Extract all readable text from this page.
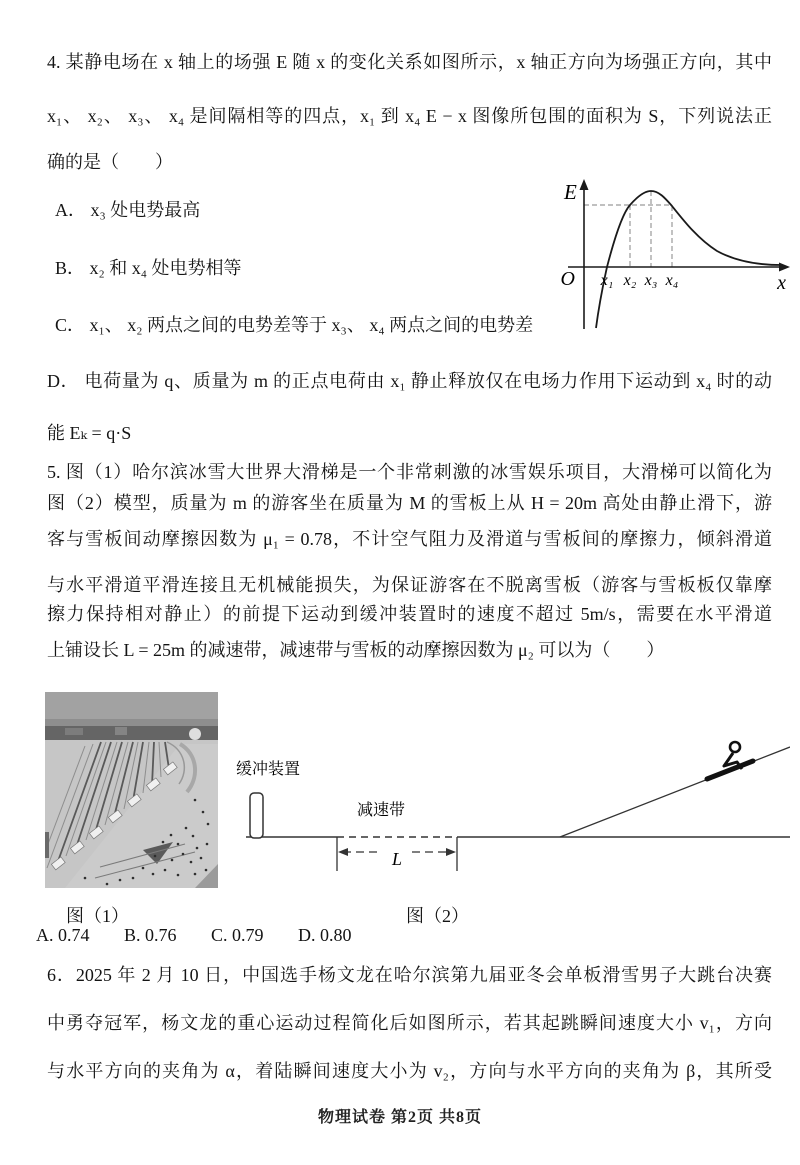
4. 某静电场在 x 轴上的场强 E 随 x 的变化关系如图所示，x 轴正方向为场强正方向，其中
x₁、 x₂、 x₃、 x₄ 是间隔相等的四点，x₁ 到 x₄ E − x 图像所包围的面积为 S，下列说法正
确的是（　　）
A． x₃ 处电势最高
B． x₂ 和 x₄ 处电势相等
C． x₁、 x₂ 两点之间的电势差等于 x₃、 x₄ 两点之间的电势差
D． 电荷量为 q、质量为 m 的正点电荷由 x₁ 静止释放仅在电场力作用下运动到 x₄ 时的动
能 Eₖ = q·S
E
O	x
x₁ x₂ x₃ x₄
5. 图（1）哈尔滨冰雪大世界大滑梯是一个非常刺激的冰雪娱乐项目，大滑梯可以简化为
图（2）模型，质量为 m 的游客坐在质量为 M 的雪板上从 H = 20m 高处由静止滑下，游
客与雪板间动摩擦因数为 μ₁ = 0.78，不计空气阻力及滑道与雪板间的摩擦力，倾斜滑道
与水平滑道平滑连接且无机械能损失，为保证游客在不脱离雪板（游客与雪板板仅靠摩
擦力保持相对静止）的前提下运动到缓冲装置时的速度不超过 5m/s，需要在水平滑道
上铺设长 L = 25m 的减速带，减速带与雪板的动摩擦因数为 μ₂ 可以为（　　）
缓冲装置
减速带
L
图（1）	图（2）
A. 0.74 B. 0.76 C. 0.79 D. 0.80
6．2025 年 2 月 10 日，中国选手杨文龙在哈尔滨第九届亚冬会单板滑雪男子大跳台决赛
中勇夺冠军，杨文龙的重心运动过程简化后如图所示，若其起跳瞬间速度大小 v₁，方向
与水平方向的夹角为 α，着陆瞬间速度大小为 v₂，方向与水平方向的夹角为 β，其所受
物理试卷 第2页 共8页
